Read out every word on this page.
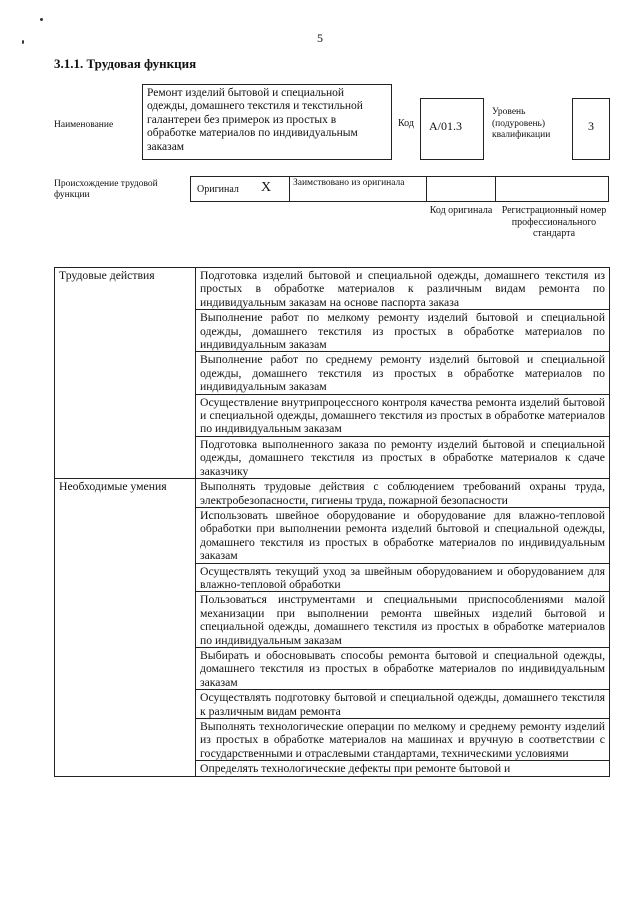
5
3.1.1. Трудовая функция
Наименование
Ремонт изделий бытовой и специальной одежды, домашнего текстиля и текстильной галантереи без примерок из простых в обработке материалов по индивидуальным заказам
Код	A/01.3
Уровень (подуровень) квалификации
3
Происхождение трудовой функции	Оригинал X	Заимствовано из оригинала
Код оригинала Регистрационный номер профессионального стандарта
Трудовые действия	Подготовка изделий бытовой и специальной одежды, домашнего текстиля из простых в обработке материалов к различным видам ремонта по индивидуальным заказам на основе паспорта заказа
	Выполнение работ по мелкому ремонту изделий бытовой и специальной одежды, домашнего текстиля из простых в обработке материалов по индивидуальным заказам
	Выполнение работ по среднему ремонту изделий бытовой и специальной одежды, домашнего текстиля из простых в обработке материалов по индивидуальным заказам
	Осуществление внутрипроцессного контроля качества ремонта изделий бытовой и специальной одежды, домашнего текстиля из простых в обработке материалов по индивидуальным заказам
	Подготовка выполненного заказа по ремонту изделий бытовой и специальной одежды, домашнего текстиля из простых в обработке материалов к сдаче заказчику
Необходимые умения	Выполнять трудовые действия с соблюдением требований охраны труда, электробезопасности, гигиены труда, пожарной безопасности
	Использовать швейное оборудование и оборудование для влажно-тепловой обработки при выполнении ремонта изделий бытовой и специальной одежды, домашнего текстиля из простых в обработке материалов по индивидуальным заказам
	Осуществлять текущий уход за швейным оборудованием и оборудованием для влажно-тепловой обработки
	Пользоваться инструментами и специальными приспособлениями малой механизации при выполнении ремонта швейных изделий бытовой и специальной одежды, домашнего текстиля из простых в обработке материалов по индивидуальным заказам
	Выбирать и обосновывать способы ремонта бытовой и специальной одежды, домашнего текстиля из простых в обработке материалов по индивидуальным заказам
	Осуществлять подготовку бытовой и специальной одежды, домашнего текстиля к различным видам ремонта
	Выполнять технологические операции по мелкому и среднему ремонту изделий из простых в обработке материалов на машинах и вручную в соответствии с государственными и отраслевыми стандартами, техническими условиями
	Определять технологические дефекты при ремонте бытовой и
